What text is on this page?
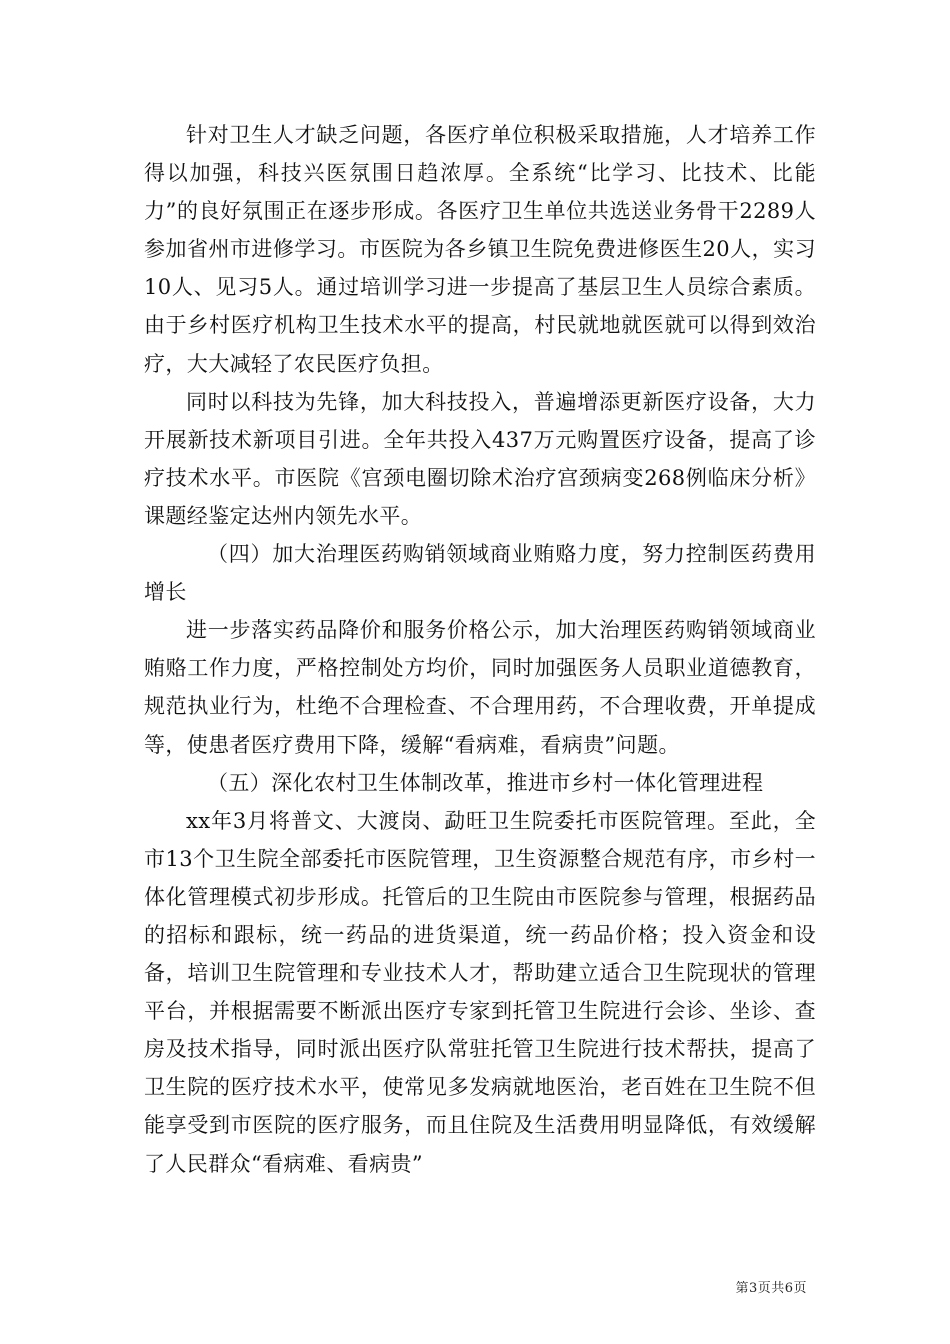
针对卫生人才缺乏问题，各医疗单位积极采取措施，人才培养工作得以加强，科技兴医氛围日趋浓厚。全系统“比学习、比技术、比能力”的良好氛围正在逐步形成。各医疗卫生单位共选送业务骨干2289人参加省州市进修学习。市医院为各乡镇卫生院免费进修医生20人，实习10人、见习5人。通过培训学习进一步提高了基层卫生人员综合素质。由于乡村医疗机构卫生技术水平的提高，村民就地就医就可以得到效治疗，大大减轻了农民医疗负担。

同时以科技为先锋，加大科技投入，普遍增添更新医疗设备，大力开展新技术新项目引进。全年共投入437万元购置医疗设备，提高了诊疗技术水平。市医院《宫颈电圈切除术治疗宫颈病变268例临床分析》课题经鉴定达州内领先水平。

（四）加大治理医药购销领域商业贿赂力度，努力控制医药费用增长

进一步落实药品降价和服务价格公示，加大治理医药购销领域商业贿赂工作力度，严格控制处方均价，同时加强医务人员职业道德教育，规范执业行为，杜绝不合理检查、不合理用药，不合理收费，开单提成等，使患者医疗费用下降，缓解“看病难，看病贵”问题。

（五）深化农村卫生体制改革，推进市乡村一体化管理进程

xx年3月将普文、大渡岗、勐旺卫生院委托市医院管理。至此，全市13个卫生院全部委托市医院管理，卫生资源整合规范有序，市乡村一体化管理模式初步形成。托管后的卫生院由市医院参与管理，根据药品的招标和跟标，统一药品的进货渠道，统一药品价格；投入资金和设备，培训卫生院管理和专业技术人才，帮助建立适合卫生院现状的管理平台，并根据需要不断派出医疗专家到托管卫生院进行会诊、坐诊、查房及技术指导，同时派出医疗队常驻托管卫生院进行技术帮扶，提高了卫生院的医疗技术水平，使常见多发病就地医治，老百姓在卫生院不但能享受到市医院的医疗服务，而且住院及生活费用明显降低，有效缓解了人民群众“看病难、看病贵”

第3页共6页
